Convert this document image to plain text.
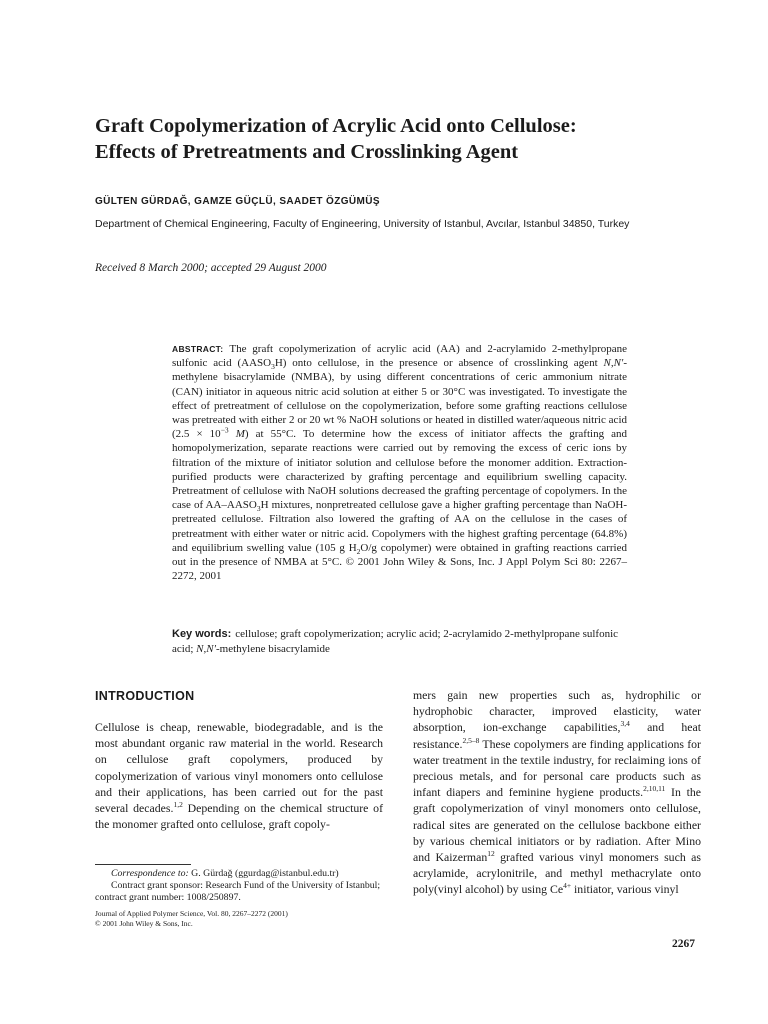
Graft Copolymerization of Acrylic Acid onto Cellulose:
Effects of Pretreatments and Crosslinking Agent
GÜLTEN GÜRDAĞ, GAMZE GÜÇLÜ, SAADET ÖZGÜMÜŞ
Department of Chemical Engineering, Faculty of Engineering, University of Istanbul, Avcılar, Istanbul 34850, Turkey
Received 8 March 2000; accepted 29 August 2000
ABSTRACT: The graft copolymerization of acrylic acid (AA) and 2-acrylamido 2-methylpropane sulfonic acid $(AASO_3H)$ onto cellulose, in the presence or absence of crosslinking agent N,N′-methylene bisacrylamide (NMBA), by using different concentrations of ceric ammonium nitrate (CAN) initiator in aqueous nitric acid solution at either 5 or 30°C was investigated. To investigate the effect of pretreatment of cellulose on the copolymerization, before some grafting reactions cellulose was pretreated with either 2 or 20 wt % NaOH solutions or heated in distilled water/aqueous nitric acid ($2.5 \times 10^{-3}$ M) at 55°C. To determine how the excess of initiator affects the grafting and homopolymerization, separate reactions were carried out by removing the excess of ceric ions by filtration of the mixture of initiator solution and cellulose before the monomer addition. Extraction-purified products were characterized by grafting percentage and equilibrium swelling capacity. Pretreatment of cellulose with NaOH solutions decreased the grafting percentage of copolymers. In the case of $AA-AASO_3H$ mixtures, nonpretreated cellulose gave a higher grafting percentage than NaOH-pretreated cellulose. Filtration also lowered the grafting of AA on the cellulose in the cases of pretreatment with either water or nitric acid. Copolymers with the highest grafting percentage (64.8%) and equilibrium swelling value (105 g $H_2O/g$ copolymer) were obtained in grafting reactions carried out in the presence of NMBA at 5°C. © 2001 John Wiley & Sons, Inc. J Appl Polym Sci 80: 2267–2272, 2001
Key words: cellulose; graft copolymerization; acrylic acid; 2-acrylamido 2-methylpropane sulfonic acid; N,N′-methylene bisacrylamide
INTRODUCTION
Cellulose is cheap, renewable, biodegradable, and is the most abundant organic raw material in the world. Research on cellulose graft copolymers, produced by copolymerization of various vinyl monomers onto cellulose and their applications, has been carried out for the past several decades.$^{1,2}$ Depending on the chemical structure of the monomer grafted onto cellulose, graft copoly-
mers gain new properties such as, hydrophilic or hydrophobic character, improved elasticity, water absorption, ion-exchange capabilities,$^{3,4}$ and heat resistance.$^{2,5-8}$ These copolymers are finding applications for water treatment in the textile industry, for reclaiming ions of precious metals, and for personal care products such as infant diapers and feminine hygiene products.$^{2,10,11}$ In the graft copolymerization of vinyl monomers onto cellulose, radical sites are generated on the cellulose backbone either by various chemical initiators or by radiation. After Mino and Kaizerman$^{12}$ grafted various vinyl monomers such as acrylamide, acrylonitrile, and methyl methacrylate onto poly(vinyl alcohol) by using $Ce^{4+}$ initiator, various vinyl
Correspondence to: G. Gürdağ (ggurdag@istanbul.edu.tr)
Contract grant sponsor: Research Fund of the University of Istanbul; contract grant number: 1008/250897.
Journal of Applied Polymer Science, Vol. 80, 2267–2272 (2001)
© 2001 John Wiley & Sons, Inc.
2267
